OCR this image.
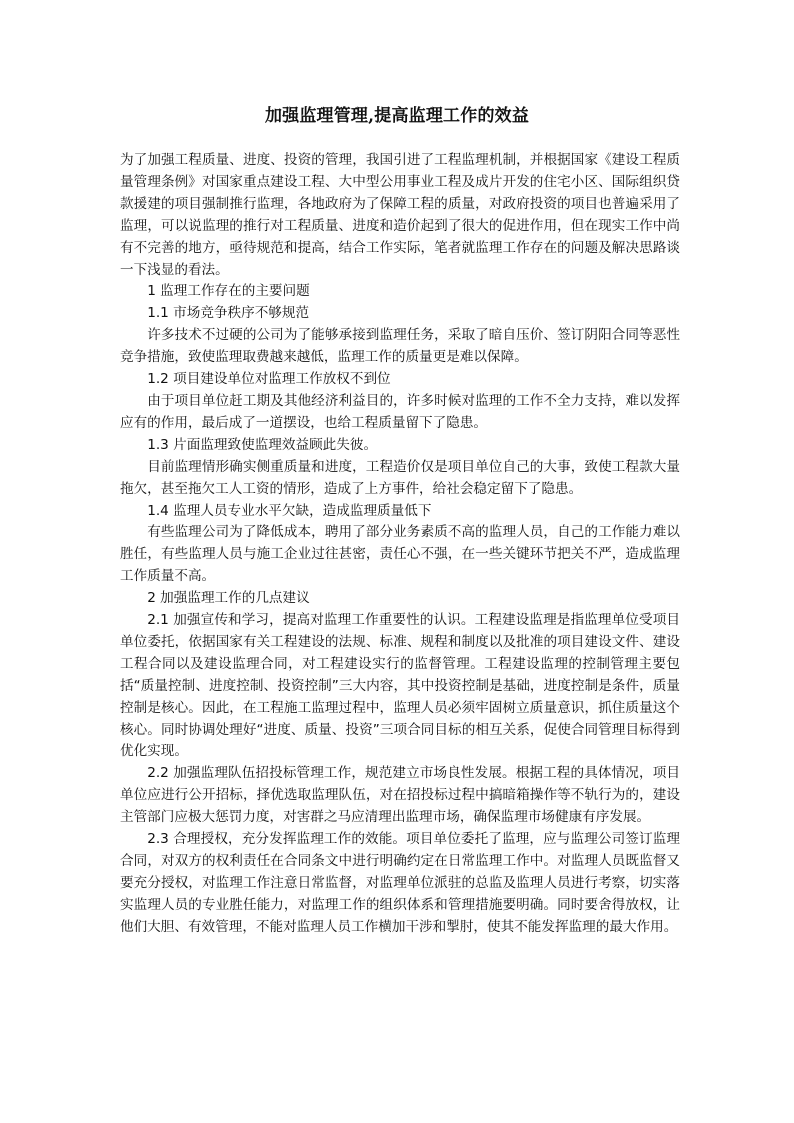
加强监理管理,提高监理工作的效益

为了加强工程质量、进度、投资的管理，我国引进了工程监理机制，并根据国家《建设工程质量管理条例》对国家重点建设工程、大中型公用事业工程及成片开发的住宅小区、国际组织贷款援建的项目强制推行监理，各地政府为了保障工程的质量，对政府投资的项目也普遍采用了监理，可以说监理的推行对工程质量、进度和造价起到了很大的促进作用，但在现实工作中尚有不完善的地方，亟待规范和提高，结合工作实际，笔者就监理工作存在的问题及解决思路谈一下浅显的看法。

1 监理工作存在的主要问题

1.1 市场竞争秩序不够规范

许多技术不过硬的公司为了能够承接到监理任务，采取了暗自压价、签订阴阳合同等恶性竞争措施，致使监理取费越来越低，监理工作的质量更是难以保障。

1.2 项目建设单位对监理工作放权不到位

由于项目单位赶工期及其他经济利益目的，许多时候对监理的工作不全力支持，难以发挥应有的作用，最后成了一道摆设，也给工程质量留下了隐患。

1.3 片面监理致使监理效益顾此失彼。

目前监理情形确实侧重质量和进度，工程造价仅是项目单位自己的大事，致使工程款大量拖欠，甚至拖欠工人工资的情形，造成了上方事件，给社会稳定留下了隐患。

1.4 监理人员专业水平欠缺，造成监理质量低下

有些监理公司为了降低成本，聘用了部分业务素质不高的监理人员，自己的工作能力难以胜任，有些监理人员与施工企业过往甚密，责任心不强，在一些关键环节把关不严，造成监理工作质量不高。

2 加强监理工作的几点建议

2.1 加强宣传和学习，提高对监理工作重要性的认识。工程建设监理是指监理单位受项目单位委托，依据国家有关工程建设的法规、标准、规程和制度以及批准的项目建设文件、建设工程合同以及建设监理合同，对工程建设实行的监督管理。工程建设监理的控制管理主要包括“质量控制、进度控制、投资控制”三大内容，其中投资控制是基础，进度控制是条件，质量控制是核心。因此，在工程施工监理过程中，监理人员必须牢固树立质量意识，抓住质量这个核心。同时协调处理好“进度、质量、投资”三项合同目标的相互关系，促使合同管理目标得到优化实现。

2.2 加强监理队伍招投标管理工作，规范建立市场良性发展。根据工程的具体情况，项目单位应进行公开招标，择优选取监理队伍，对在招投标过程中搞暗箱操作等不轨行为的，建设主管部门应极大惩罚力度，对害群之马应清理出监理市场，确保监理市场健康有序发展。

2.3 合理授权，充分发挥监理工作的效能。项目单位委托了监理，应与监理公司签订监理合同，对双方的权利责任在合同条文中进行明确约定在日常监理工作中。对监理人员既监督又要充分授权，对监理工作注意日常监督，对监理单位派驻的总监及监理人员进行考察，切实落实监理人员的专业胜任能力，对监理工作的组织体系和管理措施要明确。同时要舍得放权，让他们大胆、有效管理，不能对监理人员工作横加干涉和掣肘，使其不能发挥监理的最大作用。
